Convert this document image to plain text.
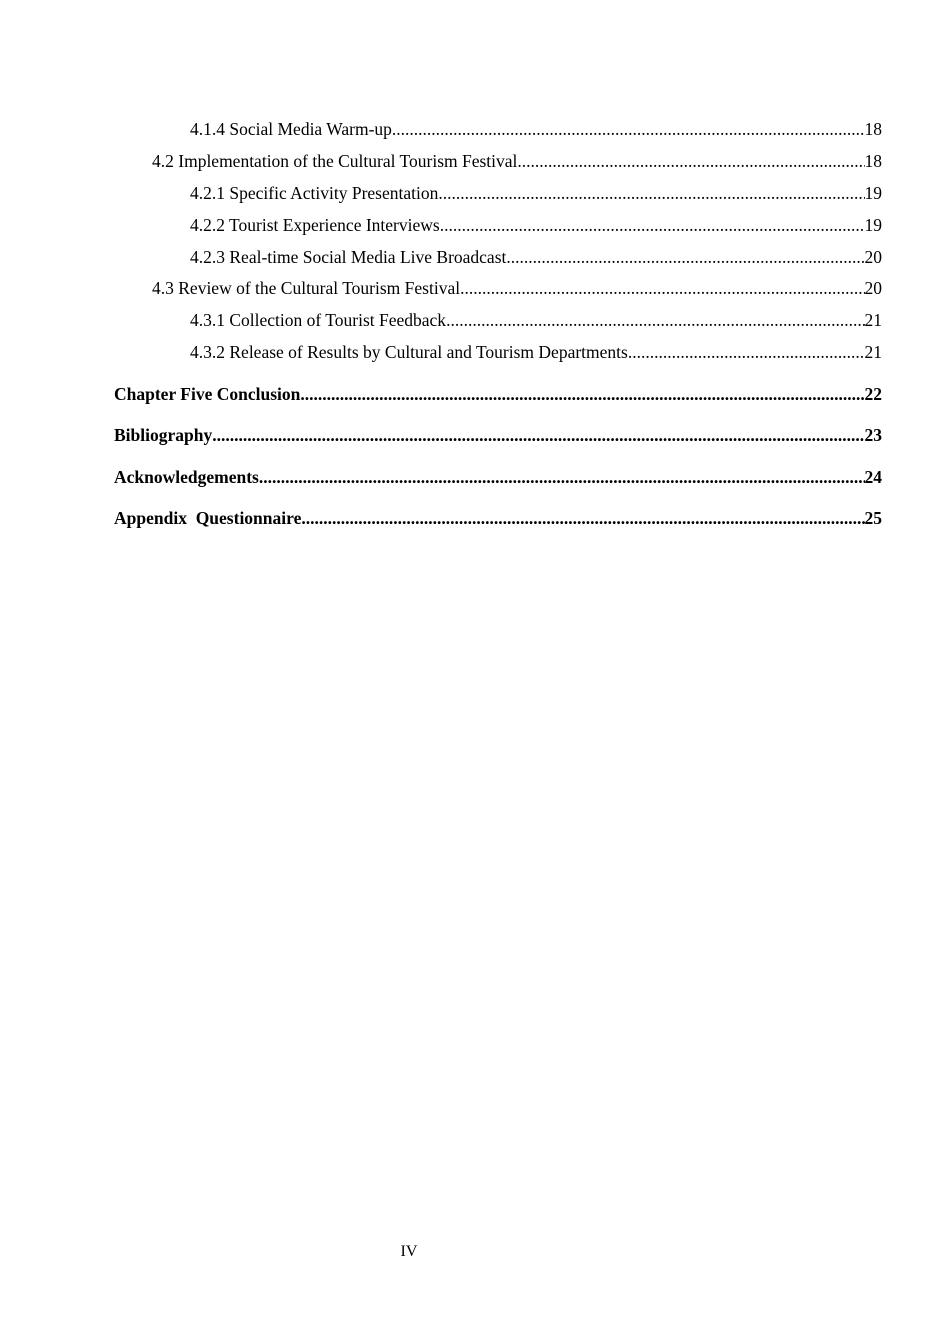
4.1.4 Social Media Warm-up .....	18
4.2 Implementation of the Cultural Tourism Festival .....	18
4.2.1 Specific Activity Presentation .....	19
4.2.2 Tourist Experience Interviews .....	19
4.2.3 Real-time Social Media Live Broadcast .....	20
4.3 Review of the Cultural Tourism Festival .....	20
4.3.1 Collection of Tourist Feedback .....	21
4.3.2 Release of Results by Cultural and Tourism Departments .....	21
Chapter Five Conclusion .....	22
Bibliography .....	23
Acknowledgements .....	24
Appendix  Questionnaire .....	25
IV
